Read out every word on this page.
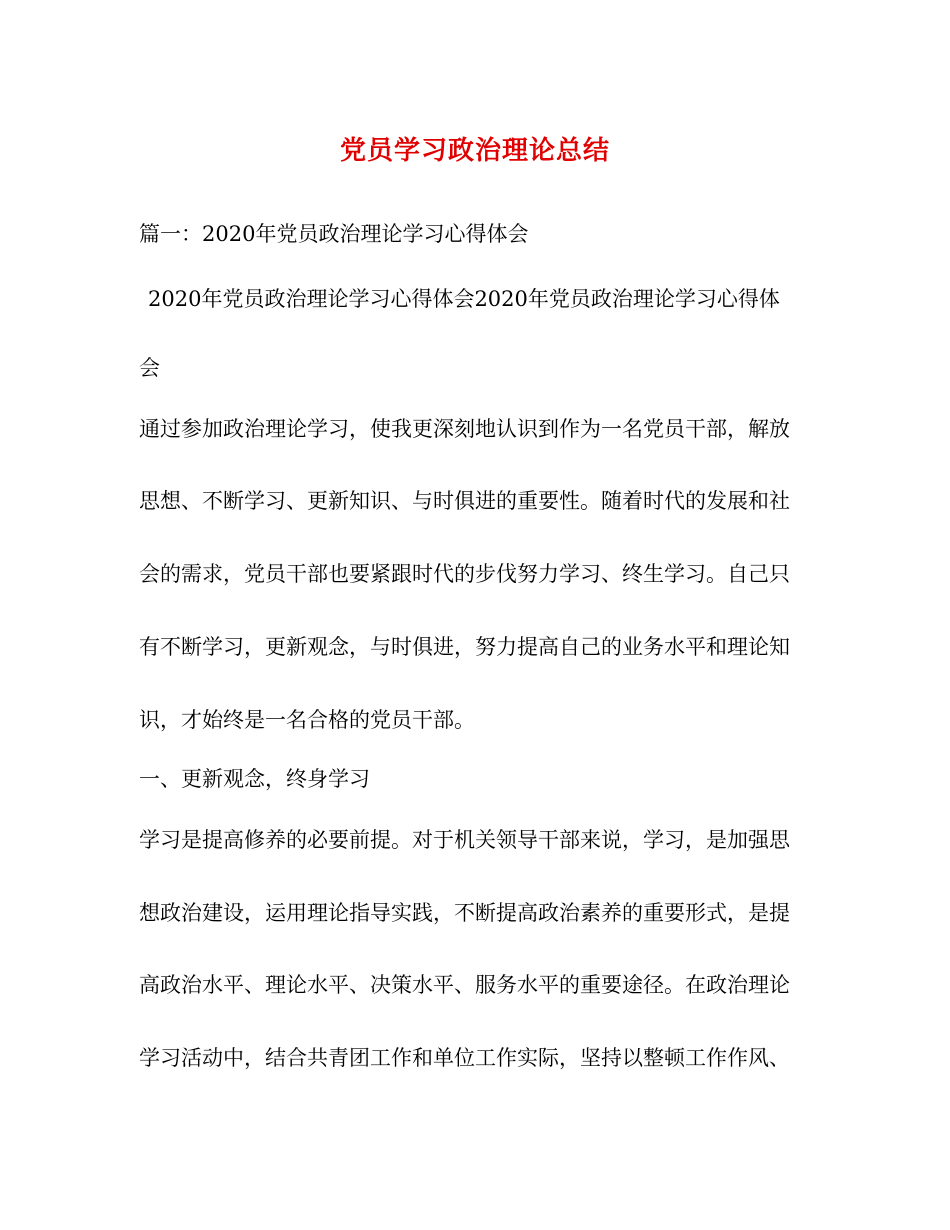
党员学习政治理论总结
篇一：2020年党员政治理论学习心得体会
2020年党员政治理论学习心得体会2020年党员政治理论学习心得体
会
通过参加政治理论学习，使我更深刻地认识到作为一名党员干部，解放
思想、不断学习、更新知识、与时俱进的重要性。随着时代的发展和社
会的需求，党员干部也要紧跟时代的步伐努力学习、终生学习。自己只
有不断学习，更新观念，与时俱进，努力提高自己的业务水平和理论知
识，才始终是一名合格的党员干部。
一、更新观念，终身学习
学习是提高修养的必要前提。对于机关领导干部来说，学习，是加强思
想政治建设，运用理论指导实践，不断提高政治素养的重要形式，是提
高政治水平、理论水平、决策水平、服务水平的重要途径。在政治理论
学习活动中，结合共青团工作和单位工作实际，坚持以整顿工作作风、
